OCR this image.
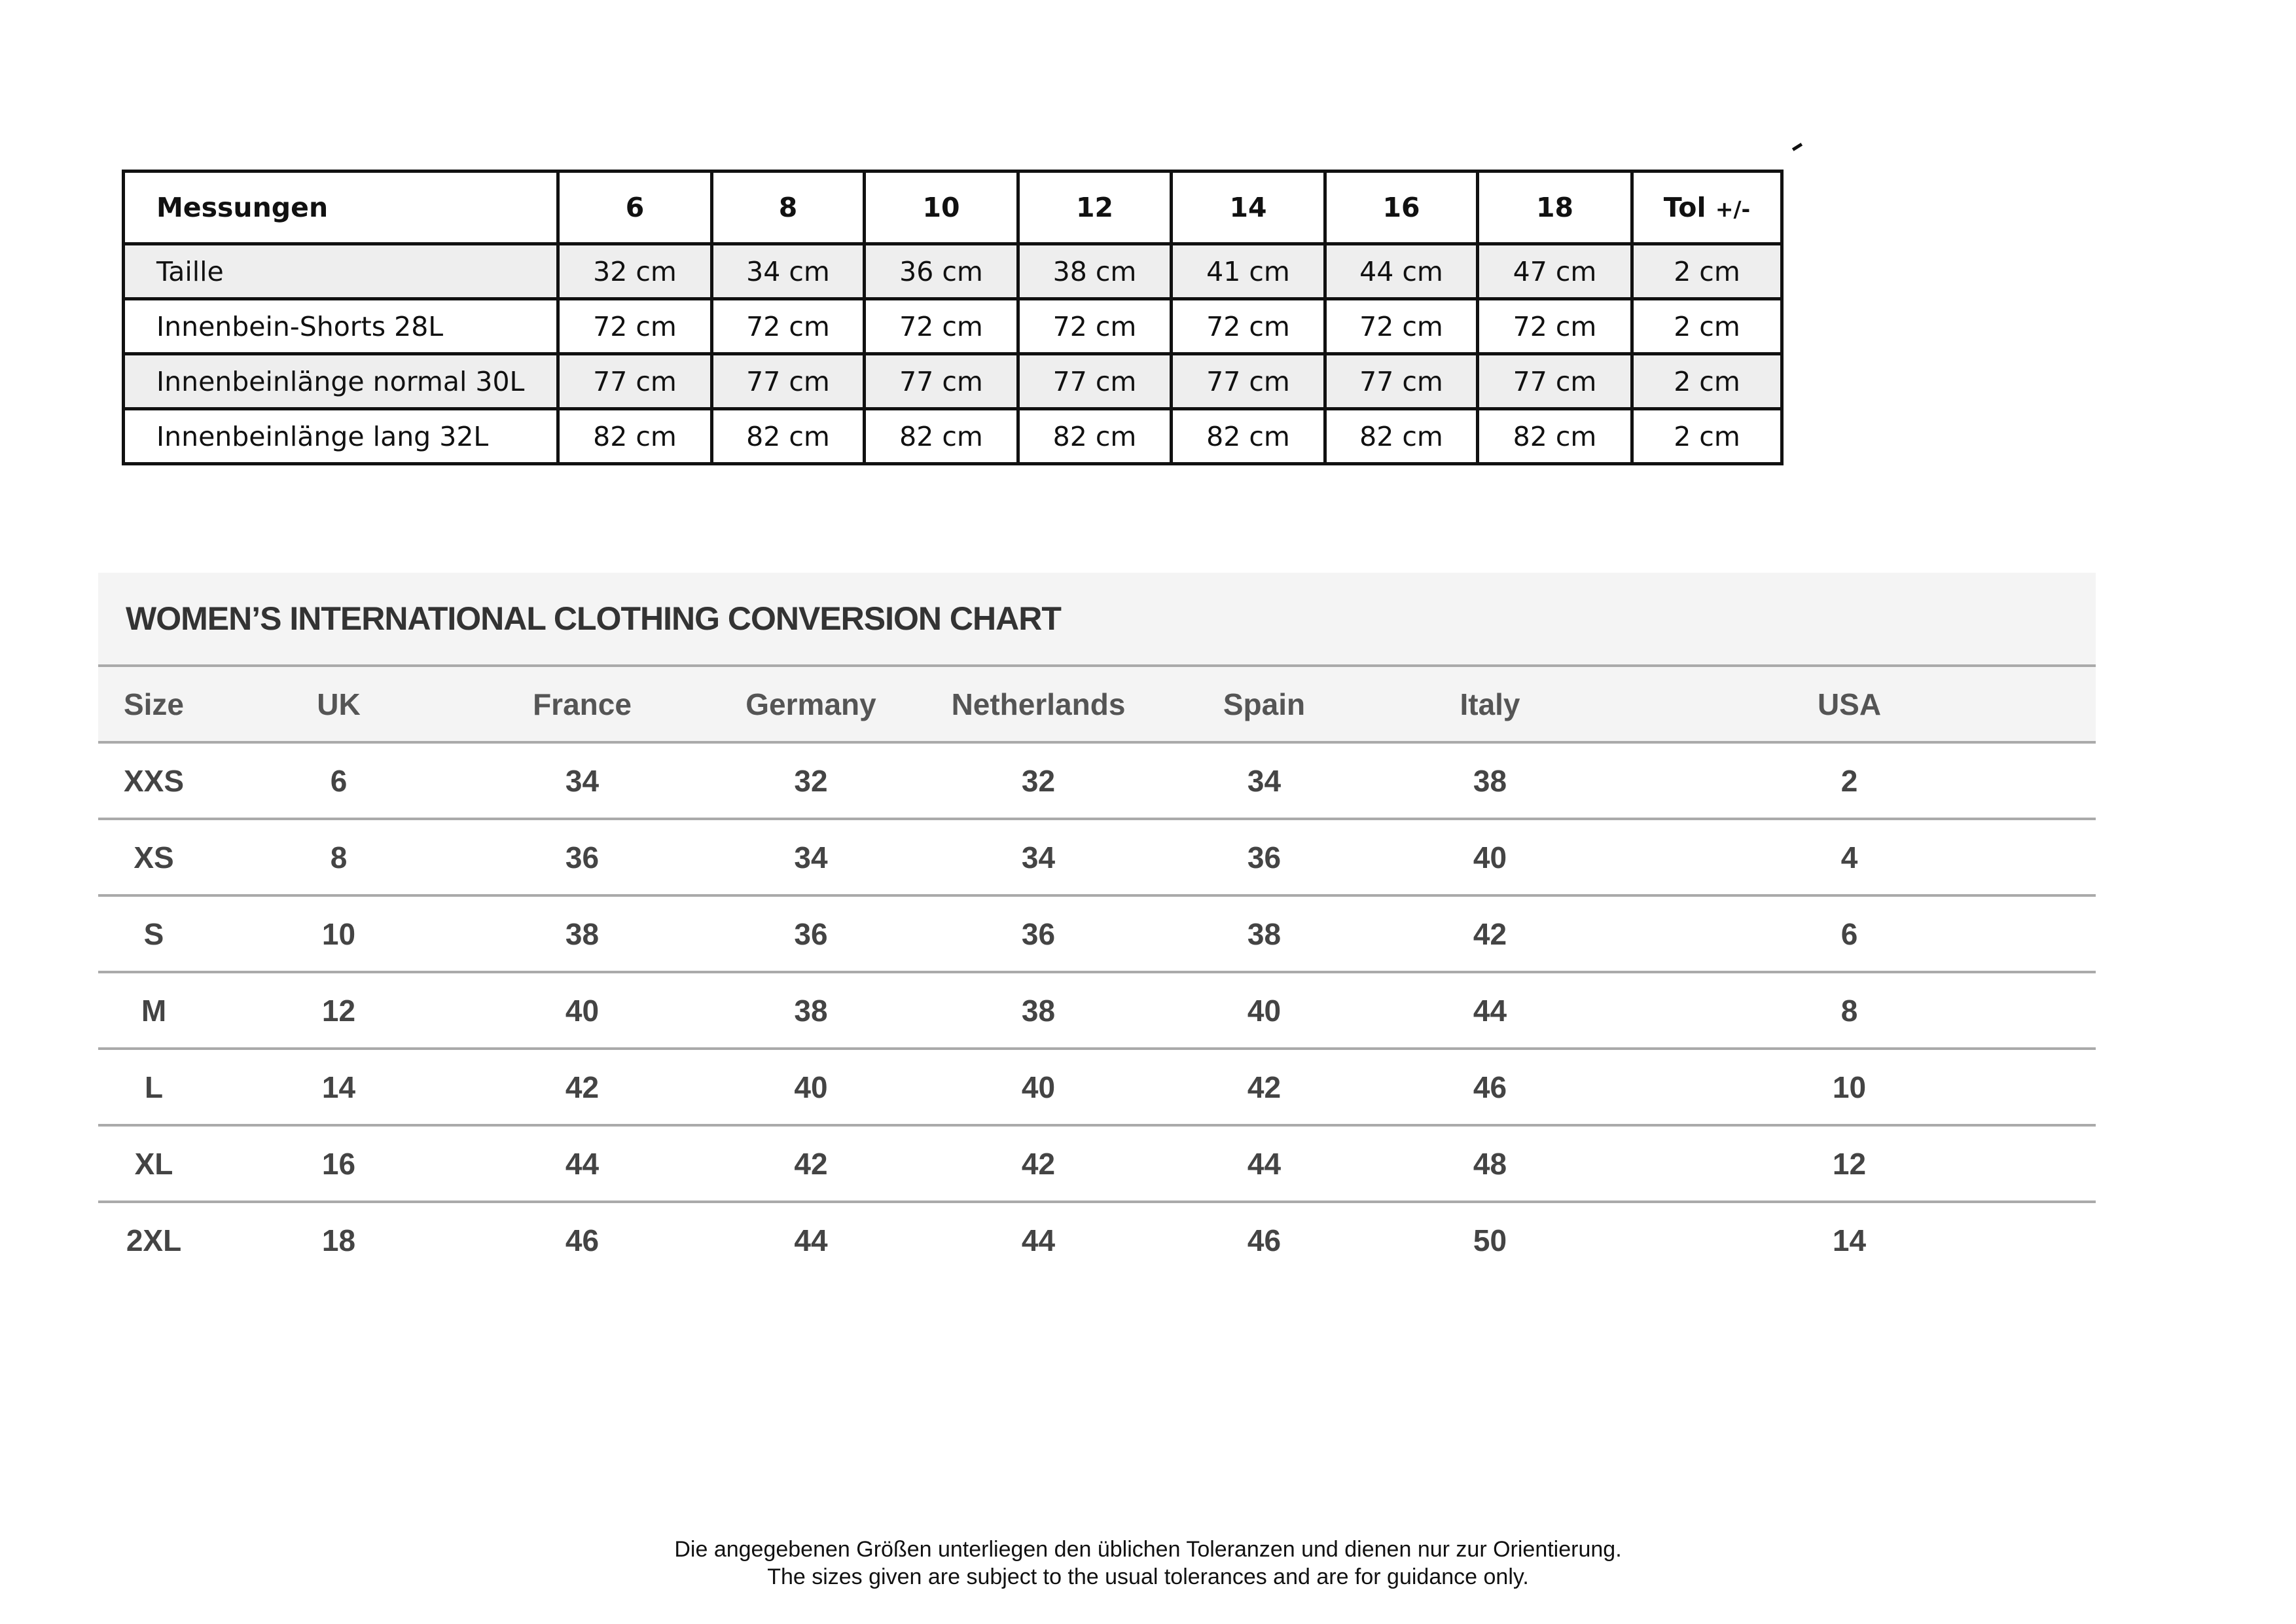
Messungen	6	8	10	12	14	16	18	Tol +/-
Taille	32 cm	34 cm	36 cm	38 cm	41 cm	44 cm	47 cm	2 cm
Innenbein-Shorts 28L	72 cm	72 cm	72 cm	72 cm	72 cm	72 cm	72 cm	2 cm
Innenbeinlänge normal 30L	77 cm	77 cm	77 cm	77 cm	77 cm	77 cm	77 cm	2 cm
Innenbeinlänge lang 32L	82 cm	82 cm	82 cm	82 cm	82 cm	82 cm	82 cm	2 cm
WOMEN’S INTERNATIONAL CLOTHING CONVERSION CHART
Size	UK	France	Germany	Netherlands	Spain	Italy	USA
XXS	6	34	32	32	34	38	2
XS	8	36	34	34	36	40	4
S	10	38	36	36	38	42	6
M	12	40	38	38	40	44	8
L	14	42	40	40	42	46	10
XL	16	44	42	42	44	48	12
2XL	18	46	44	44	46	50	14
Die angegebenen Größen unterliegen den üblichen Toleranzen und dienen nur zur Orientierung.
The sizes given are subject to the usual tolerances and are for guidance only.
